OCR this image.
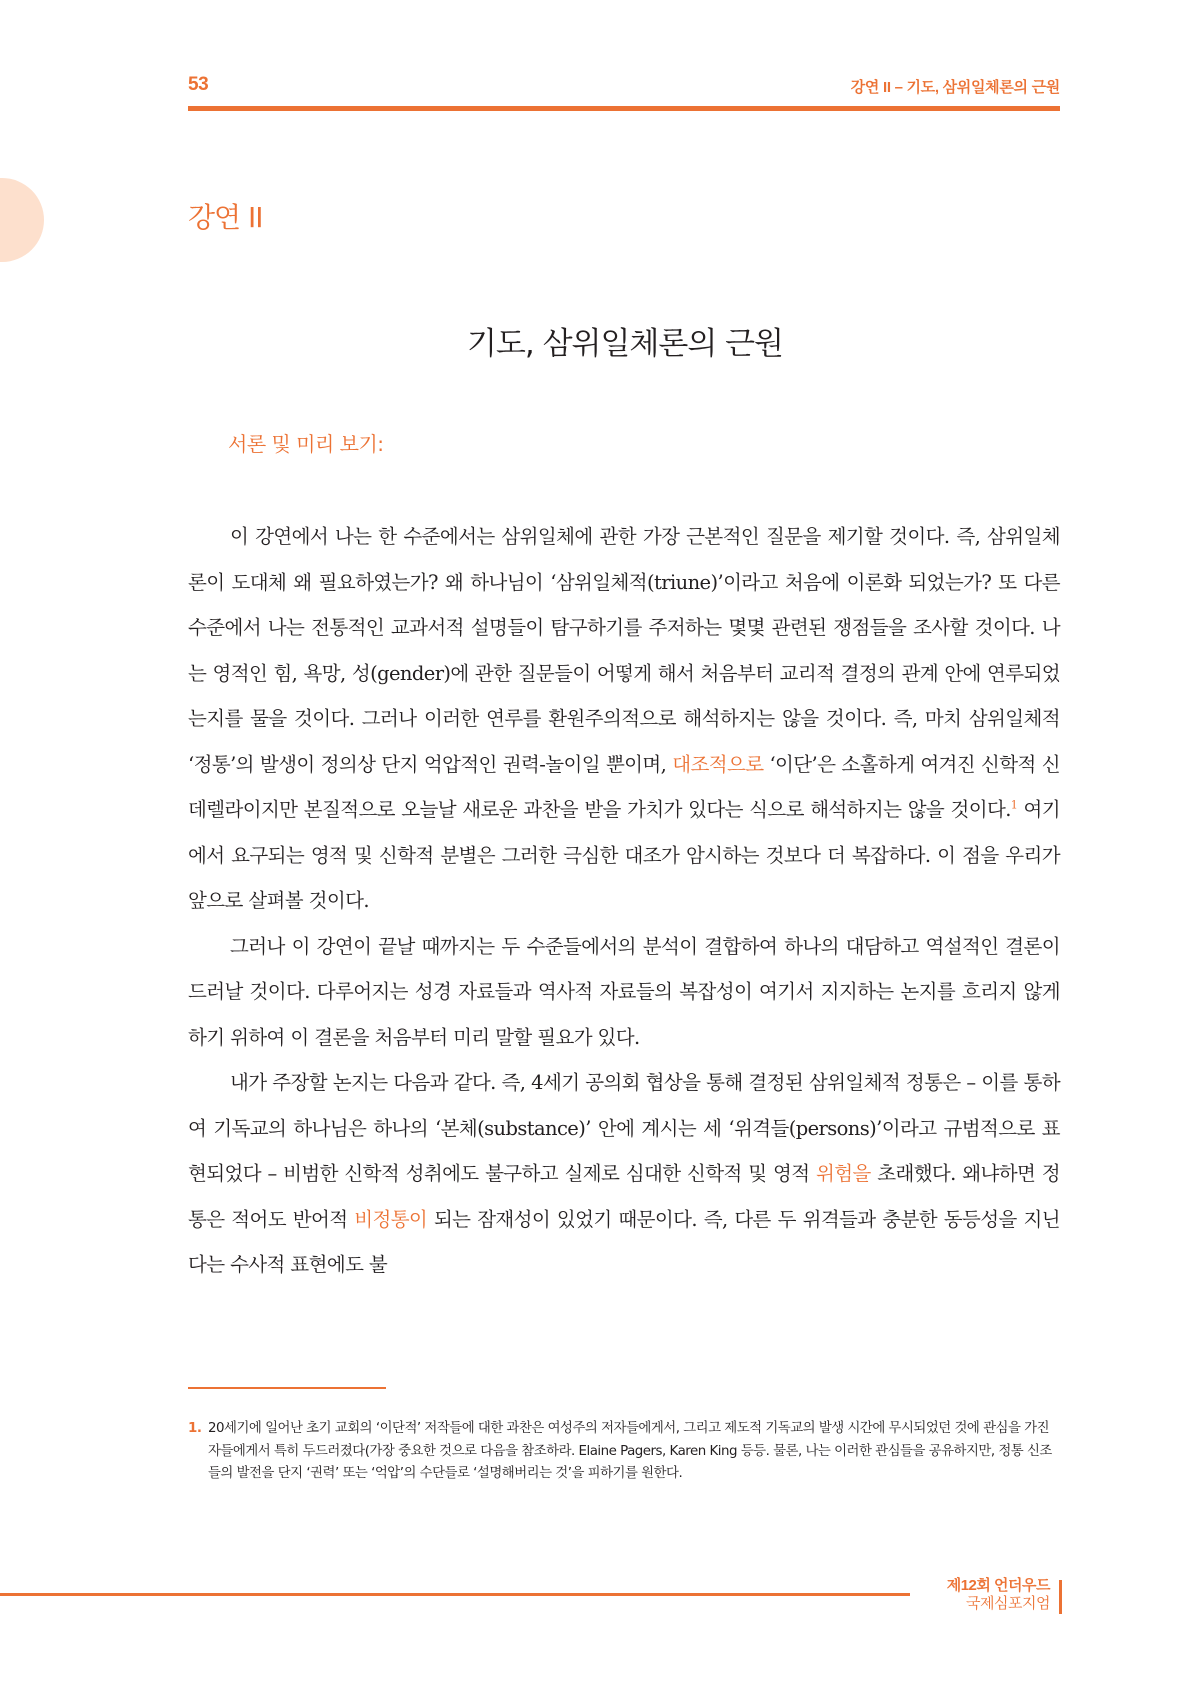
53	강연 II – 기도, 삼위일체론의 근원
강연 II
기도, 삼위일체론의 근원
서론 및 미리 보기:

이 강연에서 나는 한 수준에서는 삼위일체에 관한 가장 근본적인 질문을 제기할 것이다. 즉, 삼위일체론이 도대체 왜 필요하였는가? 왜 하나님이 ‘삼위일체적(triune)’이라고 처음에 이론화 되었는가? 또 다른 수준에서 나는 전통적인 교과서적 설명들이 탐구하기를 주저하는 몇몇 관련된 쟁점들을 조사할 것이다. 나는 영적인 힘, 욕망, 성(gender)에 관한 질문들이 어떻게 해서 처음부터 교리적 결정의 관계 안에 연루되었는지를 물을 것이다. 그러나 이러한 연루를 환원주의적으로 해석하지는 않을 것이다. 즉, 마치 삼위일체적 ‘정통’의 발생이 정의상 단지 억압적인 권력-놀이일 뿐이며, 대조적으로 ‘이단’은 소홀하게 여겨진 신학적 신데렐라이지만 본질적으로 오늘날 새로운 과찬을 받을 가치가 있다는 식으로 해석하지는 않을 것이다.$^1$ 여기에서 요구되는 영적 및 신학적 분별은 그러한 극심한 대조가 암시하는 것보다 더 복잡하다. 이 점을 우리가 앞으로 살펴볼 것이다.

그러나 이 강연이 끝날 때까지는 두 수준들에서의 분석이 결합하여 하나의 대담하고 역설적인 결론이 드러날 것이다. 다루어지는 성경 자료들과 역사적 자료들의 복잡성이 여기서 지지하는 논지를 흐리지 않게 하기 위하여 이 결론을 처음부터 미리 말할 필요가 있다.

내가 주장할 논지는 다음과 같다. 즉, 4세기 공의회 협상을 통해 결정된 삼위일체적 정통은 – 이를 통하여 기독교의 하나님은 하나의 ‘본체(substance)’ 안에 계시는 세 ‘위격들(persons)’이라고 규범적으로 표현되었다 – 비범한 신학적 성취에도 불구하고 실제로 심대한 신학적 및 영적 위험을 초래했다. 왜냐하면 정통은 적어도 반어적 비정통이 되는 잠재성이 있었기 때문이다. 즉, 다른 두 위격들과 충분한 동등성을 지닌다는 수사적 표현에도 불

1. 20세기에 일어난 초기 교회의 ‘이단적’ 저작들에 대한 과찬은 여성주의 저자들에게서, 그리고 제도적 기독교의 발생 시간에 무시되었던 것에 관심을 가진 자들에게서 특히 두드러졌다(가장 중요한 것으로 다음을 참조하라. Elaine Pagers, Karen King 등등. 물론, 나는 이러한 관심들을 공유하지만, 정통 신조들의 발전을 단지 ‘권력’ 또는 ‘억압’의 수단들로 ‘설명해버리는 것’을 피하기를 원한다.
제12회 언더우드
국제심포지엄
